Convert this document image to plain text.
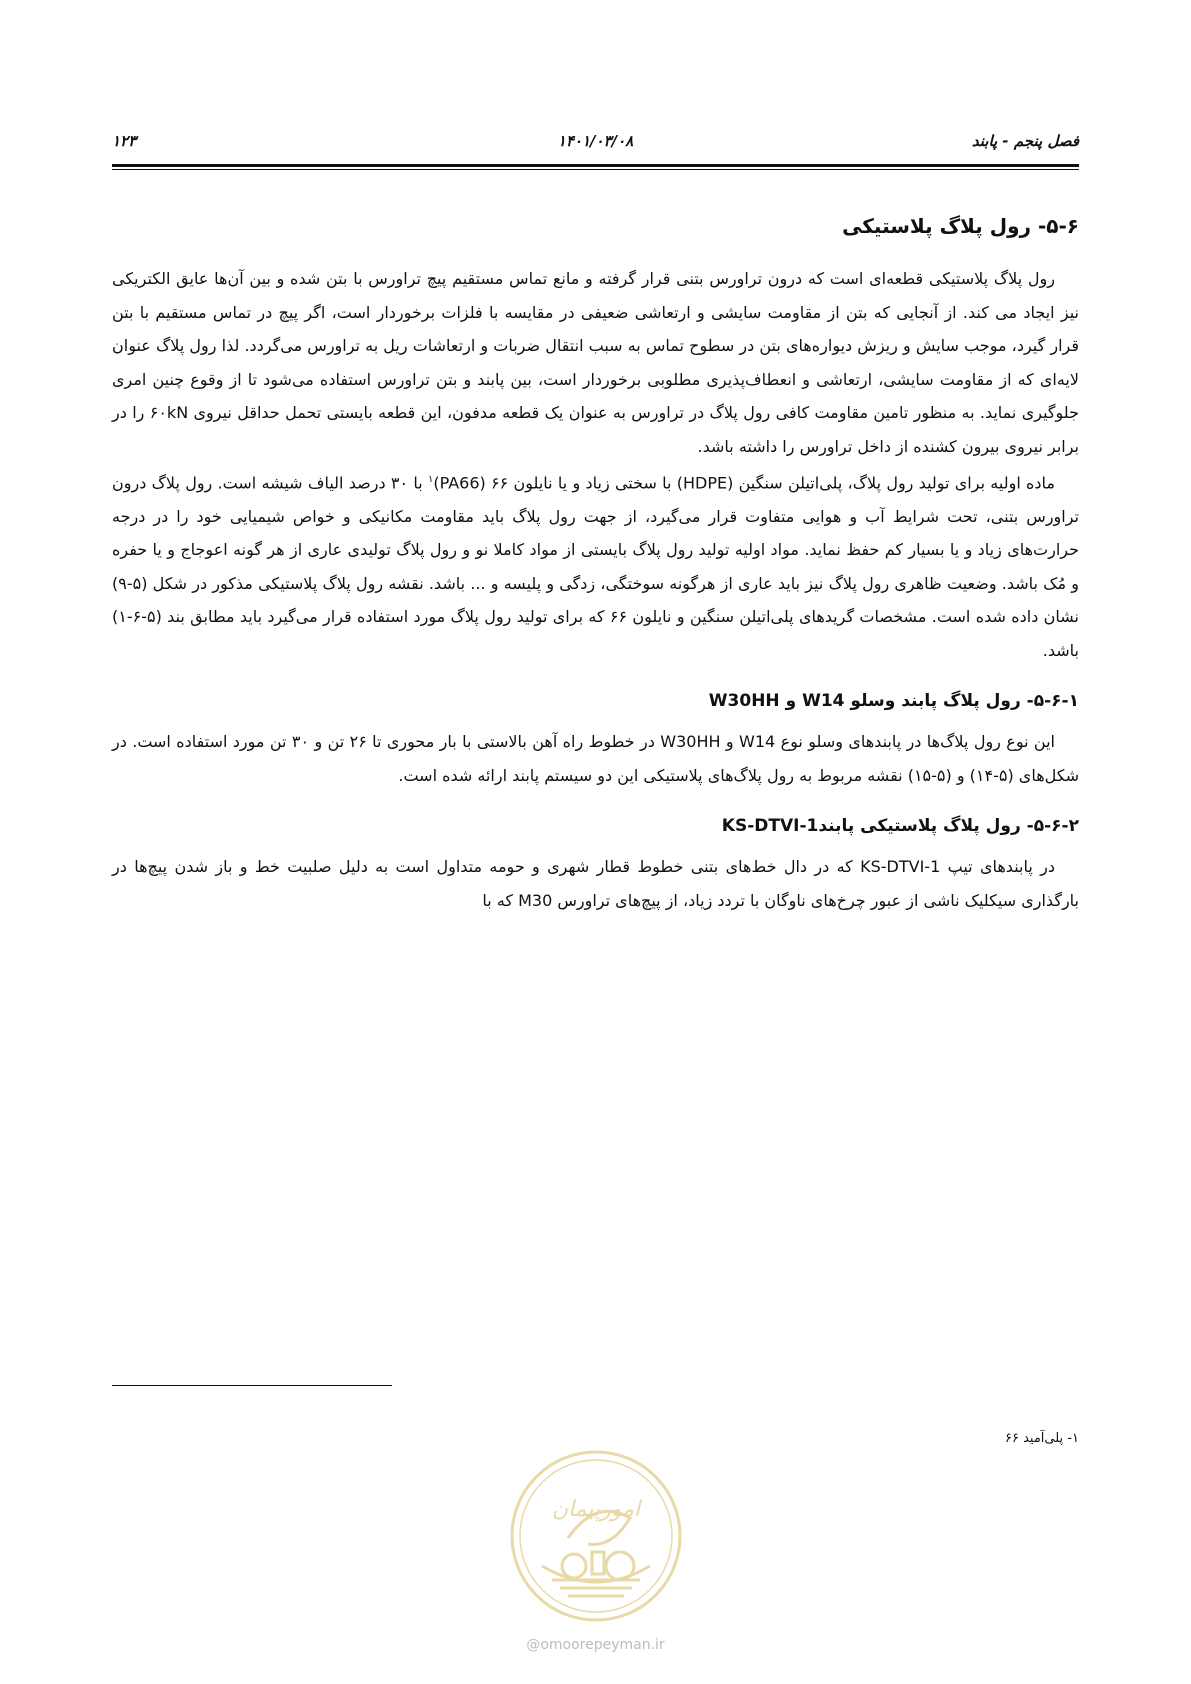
فصل پنجم - پابند
۱۴۰۱/۰۳/۰۸
۱۲۳
۵-۶- رول پلاگ پلاستیکی

رول پلاگ پلاستیکی قطعه‌ای است که درون تراورس بتنی قرار گرفته و مانع تماس مستقیم پیچ تراورس با بتن شده و بین آن‌ها عایق الکتریکی نیز ایجاد می کند. از آنجایی که بتن از مقاومت سایشی و ارتعاشی ضعیفی در مقایسه با فلزات برخوردار است، اگر پیچ در تماس مستقیم با بتن قرار گیرد، موجب سایش و ریزش دیواره‌های بتن در سطوح تماس به سبب انتقال ضربات و ارتعاشات ریل به تراورس می‌گردد. لذا رول پلاگ عنوان لایه‌ای که از مقاومت سایشی، ارتعاشی و انعطاف‌پذیری مطلوبی برخوردار است، بین پابند و بتن تراورس استفاده می‌شود تا از وقوع چنین امری جلوگیری نماید. به منظور تامین مقاومت کافی رول پلاگ در تراورس به عنوان یک قطعه مدفون، این قطعه بایستی تحمل حداقل نیروی ۶۰kN را در برابر نیروی بیرون کشنده از داخل تراورس را داشته باشد.

ماده اولیه برای تولید رول پلاگ، پلی‌اتیلن سنگین (HDPE) با سختی زیاد و یا نایلون ۶۶ (PA66)$^۱$ با ۳۰ درصد الیاف شیشه است. رول پلاگ درون تراورس بتنی، تحت شرایط آب و هوایی متفاوت قرار می‌گیرد، از جهت رول پلاگ باید مقاومت مکانیکی و خواص شیمیایی خود را در درجه حرارت‌های زیاد و یا بسیار کم حفظ نماید. مواد اولیه تولید رول پلاگ بایستی از مواد کاملا نو و رول پلاگ تولیدی عاری از هر گونه اعوجاج و یا حفره و مُک باشد. وضعیت ظاهری رول پلاگ نیز باید عاری از هرگونه سوختگی، زدگی و پلیسه و ... باشد. نقشه رول پلاگ پلاستیکی مذکور در شکل (۵-۹) نشان داده شده است. مشخصات گریدهای پلی‌اتیلن سنگین و نایلون ۶۶ که برای تولید رول پلاگ مورد استفاده قرار می‌گیرد باید مطابق بند (۵-۶-۱) باشد.

۵-۶-۱- رول پلاگ پابند وسلو W14 و W30HH

این نوع رول پلاگ‌ها در پابندهای وسلو نوع W14 و W30HH در خطوط راه آهن بالاستی با بار محوری تا ۲۶ تن و ۳۰ تن مورد استفاده است. در شکل‌های (۵-۱۴) و (۵-۱۵) نقشه مربوط به رول پلاگ‌های پلاستیکی این دو سیستم پابند ارائه شده است.

۵-۶-۲- رول پلاگ پلاستیکی پابندKS-DTVI-1

در پابندهای تیپ KS-DTVI-1 که در دال خط‌های بتنی خطوط قطار شهری و حومه متداول است به دلیل صلبیت خط و باز شدن پیچ‌ها در بارگذاری سیکلیک ناشی از عبور چرخ‌های ناوگان با تردد زیاد، از پیچ‌های تراورس M30 که با

۱- پلی‌آمید ۶۶
امورپیمان
@omoorepeyman.ir
